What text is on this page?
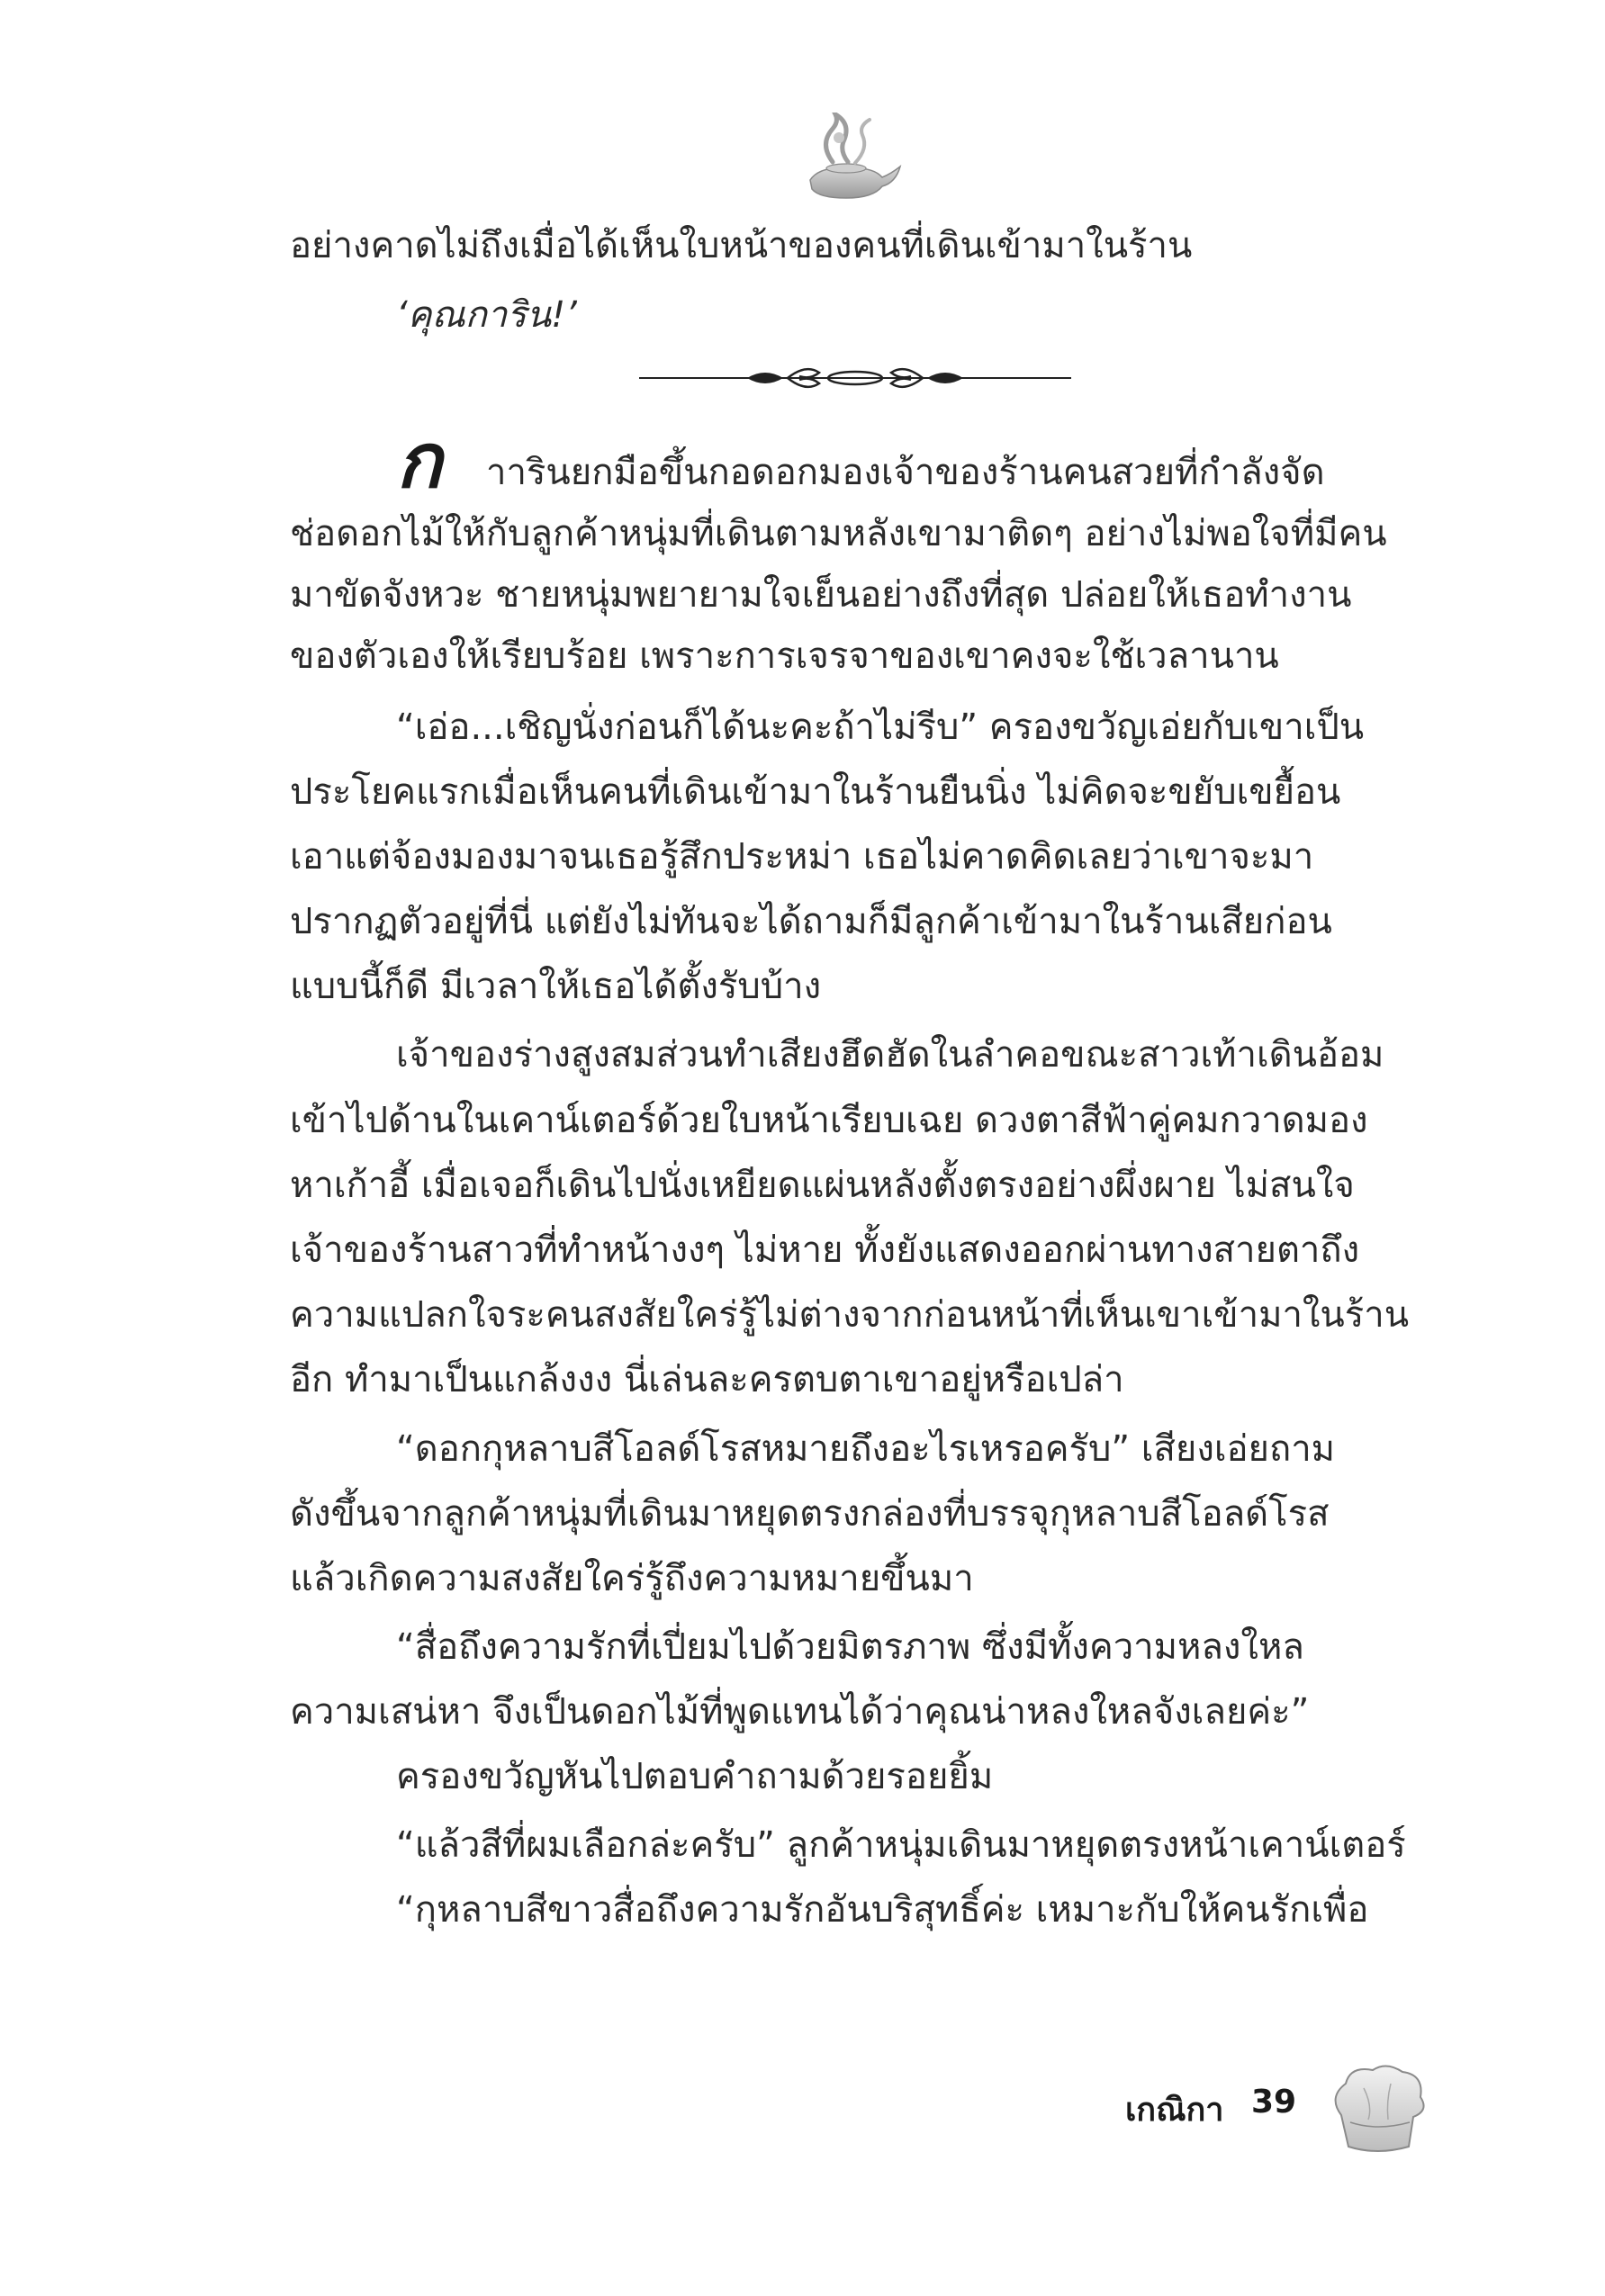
อย่างคาดไม่ถึงเมื่อได้เห็นใบหน้าของคนที่เดินเข้ามาในร้าน

‘คุณการิน!’

ก าารินยกมือขึ้นกอดอกมองเจ้าของร้านคนสวยที่กำลังจัด

ช่อดอกไม้ให้กับลูกค้าหนุ่มที่เดินตามหลังเขามาติดๆ อย่างไม่พอใจที่มีคน

มาขัดจังหวะ ชายหนุ่มพยายามใจเย็นอย่างถึงที่สุด ปล่อยให้เธอทำงาน

ของตัวเองให้เรียบร้อย เพราะการเจรจาของเขาคงจะใช้เวลานาน

“เอ่อ...เชิญนั่งก่อนก็ได้นะคะถ้าไม่รีบ” ครองขวัญเอ่ยกับเขาเป็น

ประโยคแรกเมื่อเห็นคนที่เดินเข้ามาในร้านยืนนิ่ง ไม่คิดจะขยับเขยื้อน

เอาแต่จ้องมองมาจนเธอรู้สึกประหม่า เธอไม่คาดคิดเลยว่าเขาจะมา

ปรากฏตัวอยู่ที่นี่ แต่ยังไม่ทันจะได้ถามก็มีลูกค้าเข้ามาในร้านเสียก่อน

แบบนี้ก็ดี มีเวลาให้เธอได้ตั้งรับบ้าง

เจ้าของร่างสูงสมส่วนทำเสียงฮึดฮัดในลำคอขณะสาวเท้าเดินอ้อม

เข้าไปด้านในเคาน์เตอร์ด้วยใบหน้าเรียบเฉย ดวงตาสีฟ้าคู่คมกวาดมอง

หาเก้าอี้ เมื่อเจอก็เดินไปนั่งเหยียดแผ่นหลังตั้งตรงอย่างผึ่งผาย ไม่สนใจ

เจ้าของร้านสาวที่ทำหน้างงๆ ไม่หาย ทั้งยังแสดงออกผ่านทางสายตาถึง

ความแปลกใจระคนสงสัยใคร่รู้ไม่ต่างจากก่อนหน้าที่เห็นเขาเข้ามาในร้าน

อีก ทำมาเป็นแกล้งงง นี่เล่นละครตบตาเขาอยู่หรือเปล่า

“ดอกกุหลาบสีโอลด์โรสหมายถึงอะไรเหรอครับ” เสียงเอ่ยถาม

ดังขึ้นจากลูกค้าหนุ่มที่เดินมาหยุดตรงกล่องที่บรรจุกุหลาบสีโอลด์โรส

แล้วเกิดความสงสัยใคร่รู้ถึงความหมายขึ้นมา

“สื่อถึงความรักที่เปี่ยมไปด้วยมิตรภาพ ซึ่งมีทั้งความหลงใหล

ความเสน่หา จึงเป็นดอกไม้ที่พูดแทนได้ว่าคุณน่าหลงใหลจังเลยค่ะ”

ครองขวัญหันไปตอบคำถามด้วยรอยยิ้ม

“แล้วสีที่ผมเลือกล่ะครับ” ลูกค้าหนุ่มเดินมาหยุดตรงหน้าเคาน์เตอร์

“กุหลาบสีขาวสื่อถึงความรักอันบริสุทธิ์ค่ะ เหมาะกับให้คนรักเพื่อ

เกณิกา 39
